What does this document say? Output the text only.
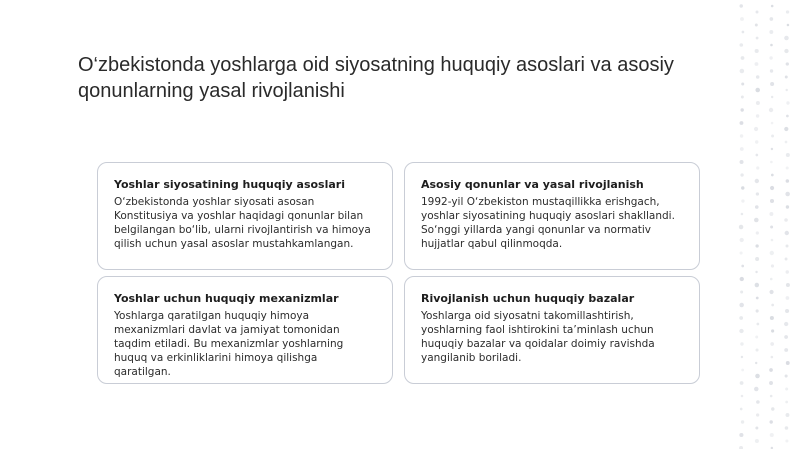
O‘zbekistonda yoshlarga oid siyosatning huquqiy asoslari va asosiy qonunlarning yasal rivojlanishi

Yoshlar siyosatining huquqiy asoslari

O‘zbekistonda yoshlar siyosati asosan Konstitusiya va yoshlar haqidagi qonunlar bilan belgilangan bo‘lib, ularni rivojlantirish va himoya qilish uchun yasal asoslar mustahkamlangan.

Asosiy qonunlar va yasal rivojlanish

1992-yil O‘zbekiston mustaqillikka erishgach, yoshlar siyosatining huquqiy asoslari shakllandi. So‘nggi yillarda yangi qonunlar va normativ hujjatlar qabul qilinmoqda.

Yoshlar uchun huquqiy mexanizmlar

Yoshlarga qaratilgan huquqiy himoya mexanizmlari davlat va jamiyat tomonidan taqdim etiladi. Bu mexanizmlar yoshlarning huquq va erkinliklarini himoya qilishga qaratilgan.

Rivojlanish uchun huquqiy bazalar

Yoshlarga oid siyosatni takomillashtirish, yoshlarning faol ishtirokini ta’minlash uchun huquqiy bazalar va qoidalar doimiy ravishda yangilanib boriladi.
